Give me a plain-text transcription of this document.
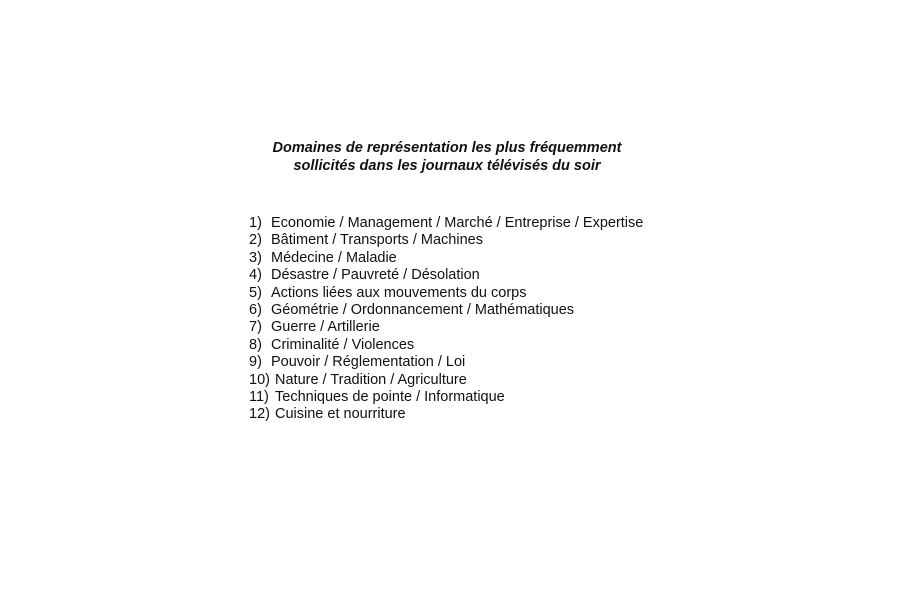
Domaines de représentation les plus fréquemment
sollicités dans les journaux télévisés du soir
1) Economie / Management / Marché / Entreprise / Expertise
2) Bâtiment / Transports / Machines
3) Médecine / Maladie
4) Désastre / Pauvreté / Désolation
5) Actions liées aux mouvements du corps
6) Géométrie / Ordonnancement / Mathématiques
7) Guerre / Artillerie
8) Criminalité / Violences
9) Pouvoir / Réglementation / Loi
10) Nature / Tradition / Agriculture
11) Techniques de pointe / Informatique
12) Cuisine et nourriture
